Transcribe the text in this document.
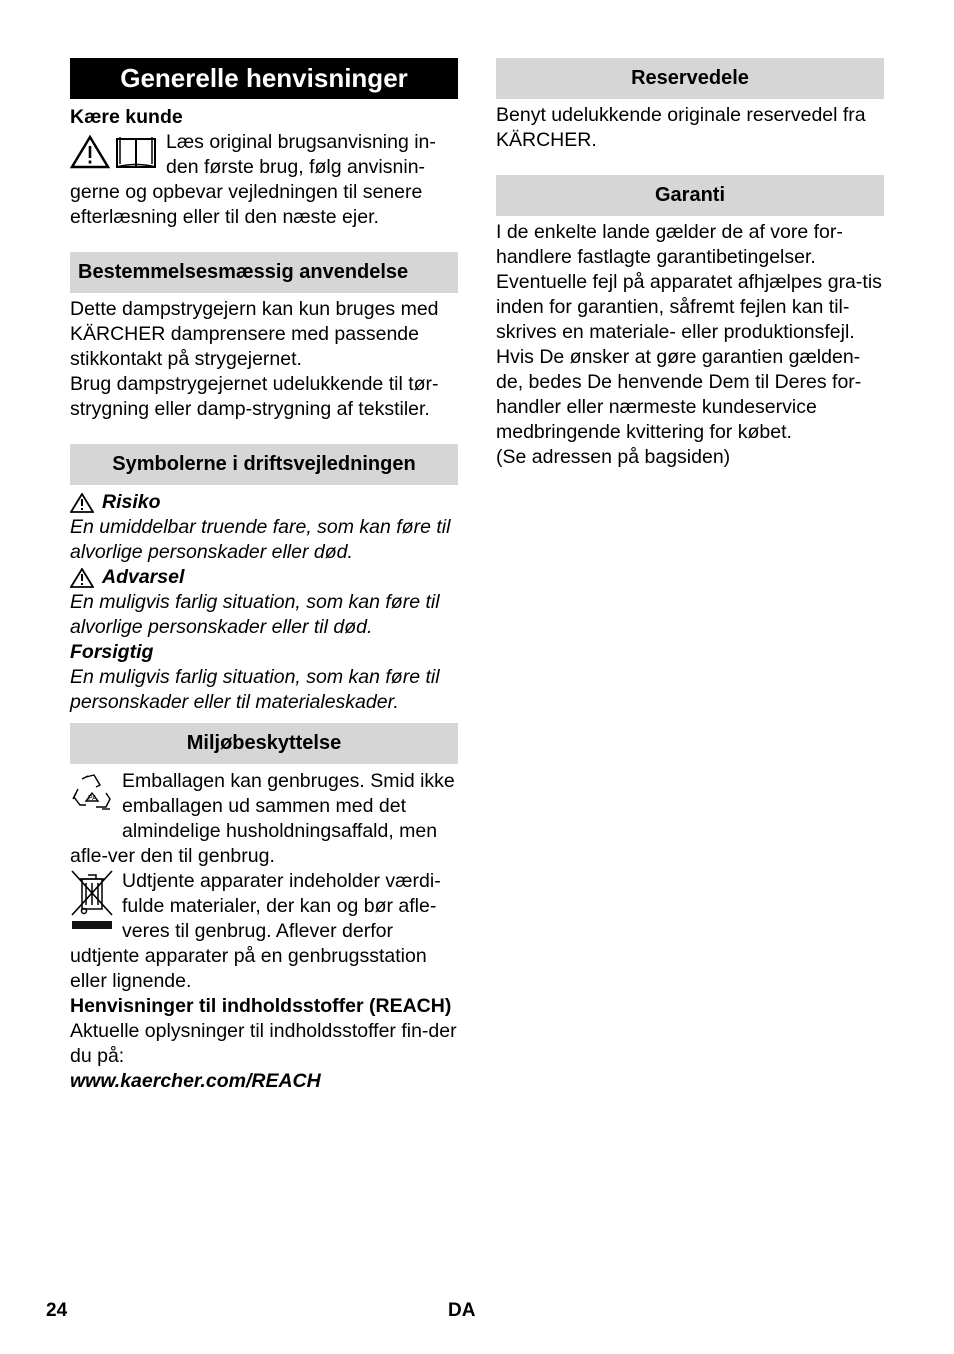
Generelle henvisninger

Kære kunde

Læs original brugsanvisning in-

den første brug, følg anvisnin-

gerne og opbevar vejledningen til senere efterlæsning eller til den næste ejer.

Bestemmelsesmæssig anvendelse

Dette dampstrygejern kan kun bruges med KÄRCHER damprensere med passende stikkontakt på strygejernet.

Brug dampstrygejernet udelukkende til tør-strygning eller damp-strygning af tekstiler.

Symbolerne i driftsvejledningen
Risiko

En umiddelbar truende fare, som kan føre til alvorlige personskader eller død.

Advarsel

En muligvis farlig situation, som kan føre til alvorlige personskader eller til død.

Forsigtig

En muligvis farlig situation, som kan føre til personskader eller til materialeskader.

Miljøbeskyttelse
PA

Emballagen kan genbruges. Smid ikke emballagen ud sammen med det almindelige husholdningsaffald, men afle-ver den til genbrug.

Udtjente apparater indeholder værdi-fulde materialer, der kan og bør afle-veres til genbrug. Aflever derfor udtjente apparater på en genbrugsstation eller lignende.

Henvisninger til indholdsstoffer (REACH)

Aktuelle oplysninger til indholdsstoffer fin-der du på:

www.kaercher.com/REACH

Reservedele

Benyt udelukkende originale reservedel fra KÄRCHER.

Garanti

I de enkelte lande gælder de af vore for-handlere fastlagte garantibetingelser. Eventuelle fejl på apparatet afhjælpes gra-tis inden for garantien, såfremt fejlen kan til-skrives en materiale- eller produktionsfejl. Hvis De ønsker at gøre garantien gælden-de, bedes De henvende Dem til Deres for-handler eller nærmeste kundeservice medbringende kvittering for købet.

(Se adressen på bagsiden)

24	DA
